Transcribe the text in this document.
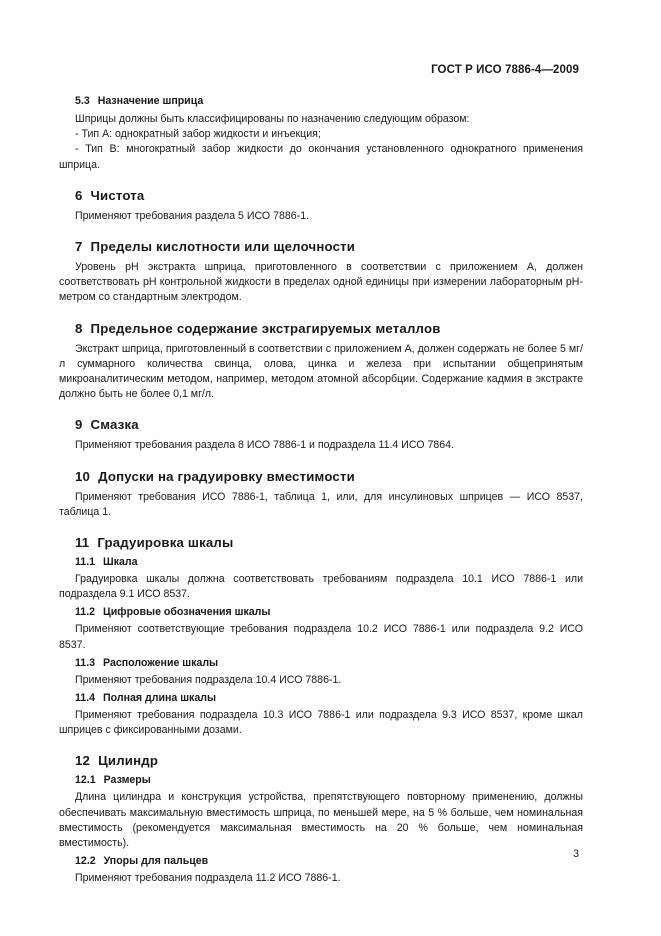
ГОСТ Р ИСО 7886-4—2009
5.3 Назначение шприца

Шприцы должны быть классифицированы по назначению следующим образом:

- Тип А: однократный забор жидкости и инъекция;

- Тип В: многократный забор жидкости до окончания установленного однократного применения шприца.

6 Чистота

Применяют требования раздела 5 ИСО 7886-1.

7 Пределы кислотности или щелочности

Уровень pH экстракта шприца, приготовленного в соответствии с приложением А, должен соответствовать pH контрольной жидкости в пределах одной единицы при измерении лабораторным pH-метром со стандартным электродом.

8 Предельное содержание экстрагируемых металлов

Экстракт шприца, приготовленный в соответствии с приложением А, должен содержать не более 5 мг/л суммарного количества свинца, олова, цинка и железа при испытании общепринятым микроаналитическим методом, например, методом атомной абсорбции. Содержание кадмия в экстракте должно быть не более 0,1 мг/л.

9 Смазка

Применяют требования раздела 8 ИСО 7886-1 и подраздела 11.4 ИСО 7864.

10 Допуски на градуировку вместимости

Применяют требования ИСО 7886-1, таблица 1, или, для инсулиновых шприцев — ИСО 8537, таблица 1.

11 Градуировка шкалы
11.1 Шкала

Градуировка шкалы должна соответствовать требованиям подраздела 10.1 ИСО 7886-1 или подраздела 9.1 ИСО 8537.

11.2 Цифровые обозначения шкалы

Применяют соответствующие требования подраздела 10.2 ИСО 7886-1 или подраздела 9.2 ИСО 8537.

11.3 Расположение шкалы

Применяют требования подраздела 10.4 ИСО 7886-1.

11.4 Полная длина шкалы

Применяют требования подраздела 10.3 ИСО 7886-1 или подраздела 9.3 ИСО 8537, кроме шкал шприцев с фиксированными дозами.

12 Цилиндр
12.1 Размеры

Длина цилиндра и конструкция устройства, препятствующего повторному применению, должны обеспечивать максимальную вместимость шприца, по меньшей мере, на 5 % больше, чем номинальная вместимость (рекомендуется максимальная вместимость на 20 % больше, чем номинальная вместимость).

12.2 Упоры для пальцев

Применяют требования подраздела 11.2 ИСО 7886-1.

3
